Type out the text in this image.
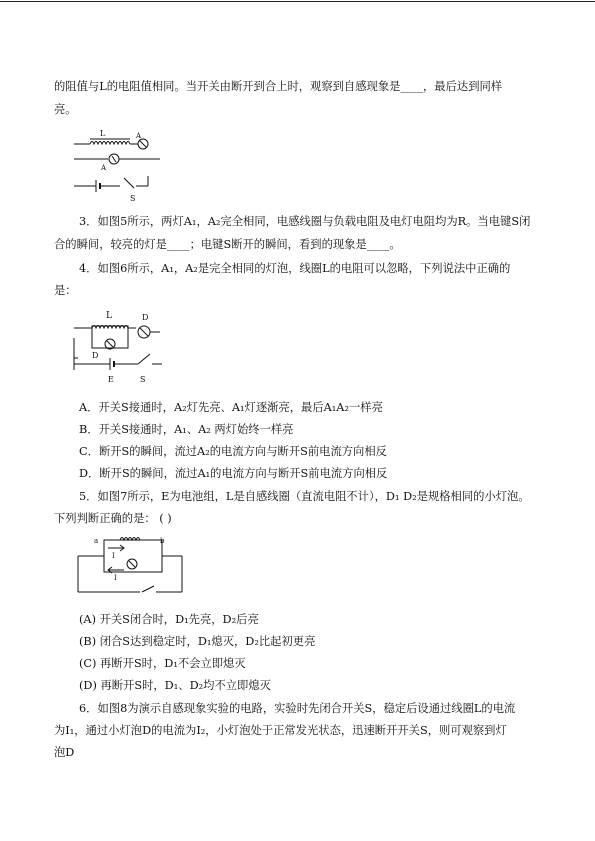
的阻值与L的电阻值相同。当开关由断开到合上时，观察到自感现象是____，最后达到同样
亮。
L	A
A
S
3．如图5所示，两灯A₁，A₂完全相同，电感线圈与负载电阻及电灯电阻均为R。当电键S闭
合的瞬间，较亮的灯是____；电键S断开的瞬间，看到的现象是____。
4．如图6所示，A₁，A₂是完全相同的灯泡，线圈L的电阻可以忽略，下列说法中正确的
是：
L	D
D
E	S
A．开关S接通时，A₂灯先亮、A₁灯逐渐亮，最后A₁A₂一样亮
B．开关S接通时，A₁、A₂ 两灯始终一样亮
C．断开S的瞬间，流过A₂的电流方向与断开S前电流方向相反
D．断开S的瞬间，流过A₁的电流方向与断开S前电流方向相反
5．如图7所示，E为电池组，L是自感线圈（直流电阻不计），D₁ D₂是规格相同的小灯泡。
下列判断正确的是： ( )
a	b
I
I
(A) 开关S闭合时，D₁先亮，D₂后亮
(B) 闭合S达到稳定时，D₁熄灭，D₂比起初更亮
(C) 再断开S时，D₁不会立即熄灭
(D) 再断开S时，D₁、D₂均不立即熄灭
6．如图8为演示自感现象实验的电路，实验时先闭合开关S，稳定后设通过线圈L的电流
为I₁，通过小灯泡D的电流为I₂，小灯泡处于正常发光状态，迅速断开开关S，则可观察到灯
泡D
